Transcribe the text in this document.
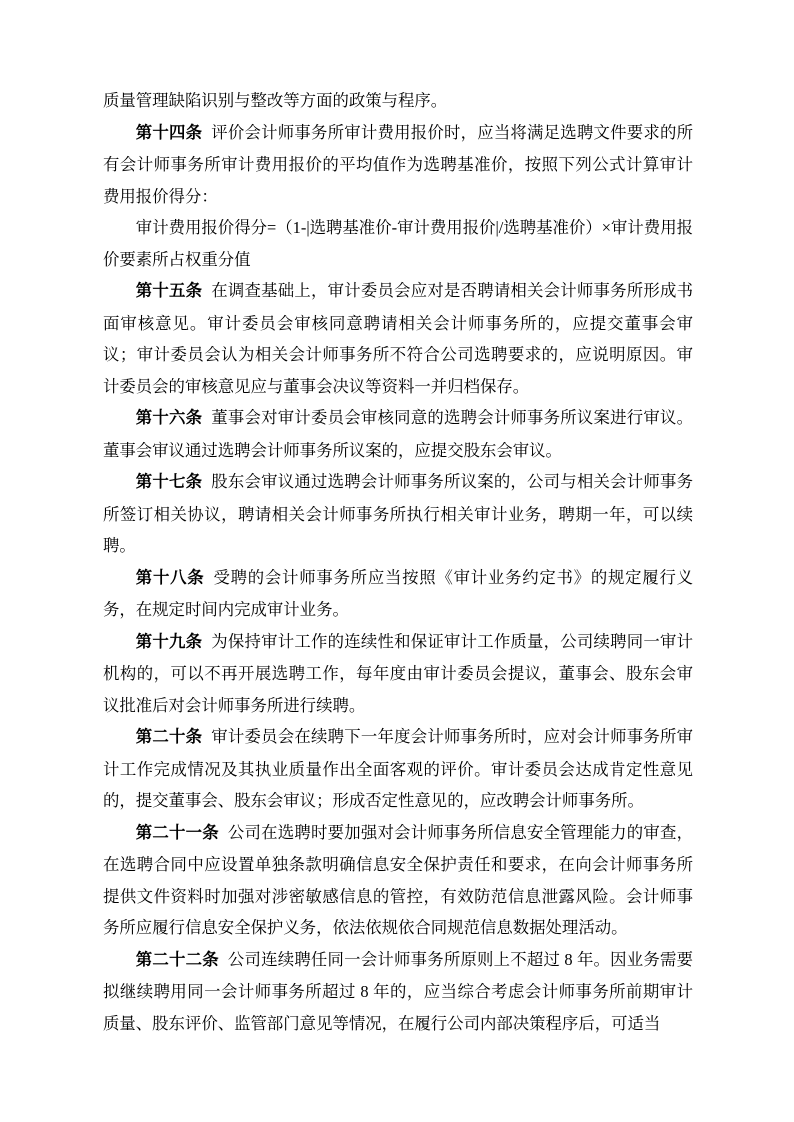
质量管理缺陷识别与整改等方面的政策与程序。

第十四条 评价会计师事务所审计费用报价时，应当将满足选聘文件要求的所有会计师事务所审计费用报价的平均值作为选聘基准价，按照下列公式计算审计费用报价得分：

审计费用报价得分=（1-|选聘基准价-审计费用报价|/选聘基准价）×审计费用报价要素所占权重分值

第十五条 在调查基础上，审计委员会应对是否聘请相关会计师事务所形成书面审核意见。审计委员会审核同意聘请相关会计师事务所的，应提交董事会审议；审计委员会认为相关会计师事务所不符合公司选聘要求的，应说明原因。审计委员会的审核意见应与董事会决议等资料一并归档保存。

第十六条 董事会对审计委员会审核同意的选聘会计师事务所议案进行审议。董事会审议通过选聘会计师事务所议案的，应提交股东会审议。

第十七条 股东会审议通过选聘会计师事务所议案的，公司与相关会计师事务所签订相关协议，聘请相关会计师事务所执行相关审计业务，聘期一年，可以续聘。

第十八条 受聘的会计师事务所应当按照《审计业务约定书》的规定履行义务，在规定时间内完成审计业务。

第十九条 为保持审计工作的连续性和保证审计工作质量，公司续聘同一审计机构的，可以不再开展选聘工作，每年度由审计委员会提议，董事会、股东会审议批准后对会计师事务所进行续聘。

第二十条 审计委员会在续聘下一年度会计师事务所时，应对会计师事务所审计工作完成情况及其执业质量作出全面客观的评价。审计委员会达成肯定性意见的，提交董事会、股东会审议；形成否定性意见的，应改聘会计师事务所。

第二十一条 公司在选聘时要加强对会计师事务所信息安全管理能力的审查，在选聘合同中应设置单独条款明确信息安全保护责任和要求，在向会计师事务所提供文件资料时加强对涉密敏感信息的管控，有效防范信息泄露风险。会计师事务所应履行信息安全保护义务，依法依规依合同规范信息数据处理活动。

第二十二条 公司连续聘任同一会计师事务所原则上不超过 8 年。因业务需要拟继续聘用同一会计师事务所超过 8 年的，应当综合考虑会计师事务所前期审计质量、股东评价、监管部门意见等情况，在履行公司内部决策程序后，可适当
